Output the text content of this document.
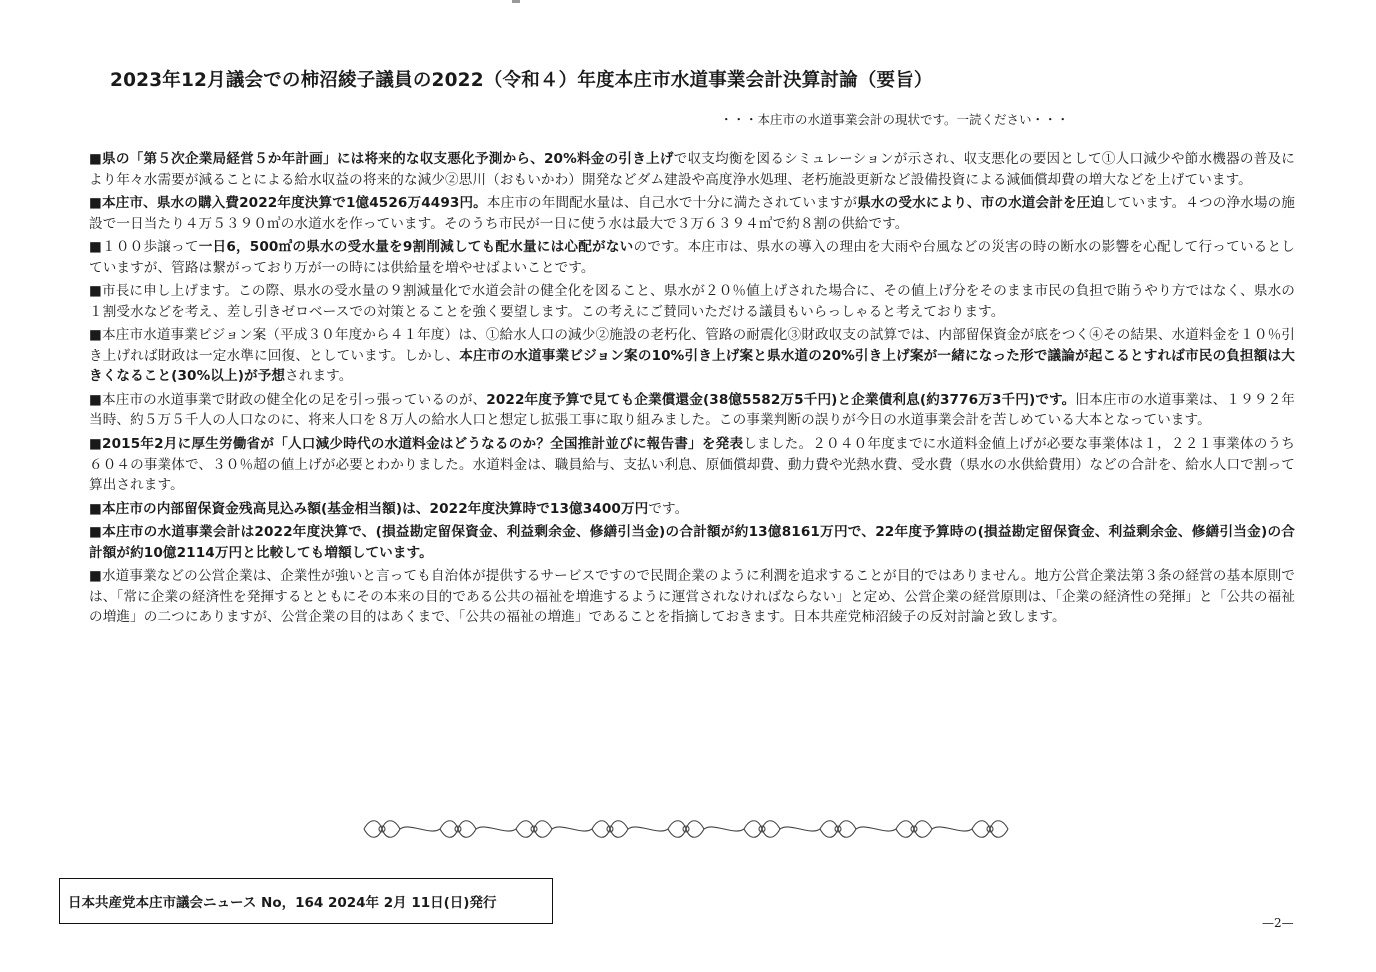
2023年12月議会での柿沼綾子議員の2022（令和４）年度本庄市水道事業会計決算討論（要旨）
・・・本庄市の水道事業会計の現状です。一読ください・・・

■県の「第５次企業局経営５か年計画」には将来的な収支悪化予測から、20%料金の引き上げで収支均衡を図るシミュレーションが示され、収支悪化の要因として①人口減少や節水機器の普及により年々水需要が減ることによる給水収益の将来的な減少②思川（おもいかわ）開発などダム建設や高度浄水処理、老朽施設更新など設備投資による減価償却費の増大などを上げています。

■本庄市、県水の購入費2022年度決算で1億4526万4493円。本庄市の年間配水量は、自己水で十分に満たされていますが県水の受水により、市の水道会計を圧迫しています。４つの浄水場の施設で一日当たり４万５３９０㎥の水道水を作っています。そのうち市民が一日に使う水は最大で３万６３９４㎥で約８割の供給です。

■１００歩譲って一日6，500㎥の県水の受水量を9割削減しても配水量には心配がないのです。本庄市は、県水の導入の理由を大雨や台風などの災害の時の断水の影響を心配して行っているとしていますが、管路は繋がっており万が一の時には供給量を増やせばよいことです。

■市長に申し上げます。この際、県水の受水量の９割減量化で水道会計の健全化を図ること、県水が２０％値上げされた場合に、その値上げ分をそのまま市民の負担で賄うやり方ではなく、県水の１割受水などを考え、差し引きゼロベースでの対策とることを強く要望します。この考えにご賛同いただける議員もいらっしゃると考えております。

■本庄市水道事業ビジョン案（平成３０年度から４１年度）は、①給水人口の減少②施設の老朽化、管路の耐震化③財政収支の試算では、内部留保資金が底をつく④その結果、水道料金を１０％引き上げれば財政は一定水準に回復、としています。しかし、本庄市の水道事業ビジョン案の10%引き上げ案と県水道の20%引き上げ案が一緒になった形で議論が起こるとすれば市民の負担額は大きくなること(30%以上)が予想されます。

■本庄市の水道事業で財政の健全化の足を引っ張っているのが、2022年度予算で見ても企業償還金(38億5582万5千円)と企業債利息(約3776万3千円)です。旧本庄市の水道事業は、１９９２年当時、約５万５千人の人口なのに、将来人口を８万人の給水人口と想定し拡張工事に取り組みました。この事業判断の誤りが今日の水道事業会計を苦しめている大本となっています。

■2015年2月に厚生労働省が「人口減少時代の水道料金はどうなるのか？全国推計並びに報告書」を発表しました。２０４０年度までに水道料金値上げが必要な事業体は１，２２１事業体のうち６０４の事業体で、３０％超の値上げが必要とわかりました。水道料金は、職員給与、支払い利息、原価償却費、動力費や光熱水費、受水費（県水の水供給費用）などの合計を、給水人口で割って算出されます。

■本庄市の内部留保資金残高見込み額(基金相当額)は、2022年度決算時で13億3400万円です。

■本庄市の水道事業会計は2022年度決算で、(損益勘定留保資金、利益剰余金、修繕引当金)の合計額が約13億8161万円で、22年度予算時の(損益勘定留保資金、利益剰余金、修繕引当金)の合計額が約10億2114万円と比較しても増額しています。

■水道事業などの公営企業は、企業性が強いと言っても自治体が提供するサービスですので民間企業のように利潤を追求することが目的ではありません。地方公営企業法第３条の経営の基本原則では、「常に企業の経済性を発揮するとともにその本来の目的である公共の福祉を増進するように運営されなければならない」と定め、公営企業の経営原則は、「企業の経済性の発揮」と「公共の福祉の増進」の二つにありますが、公営企業の目的はあくまで、「公共の福祉の増進」であることを指摘しておきます。日本共産党柿沼綾子の反対討論と致します。

日本共産党本庄市議会ニュース No，164 2024年 2月 11日(日)発行
—2—
